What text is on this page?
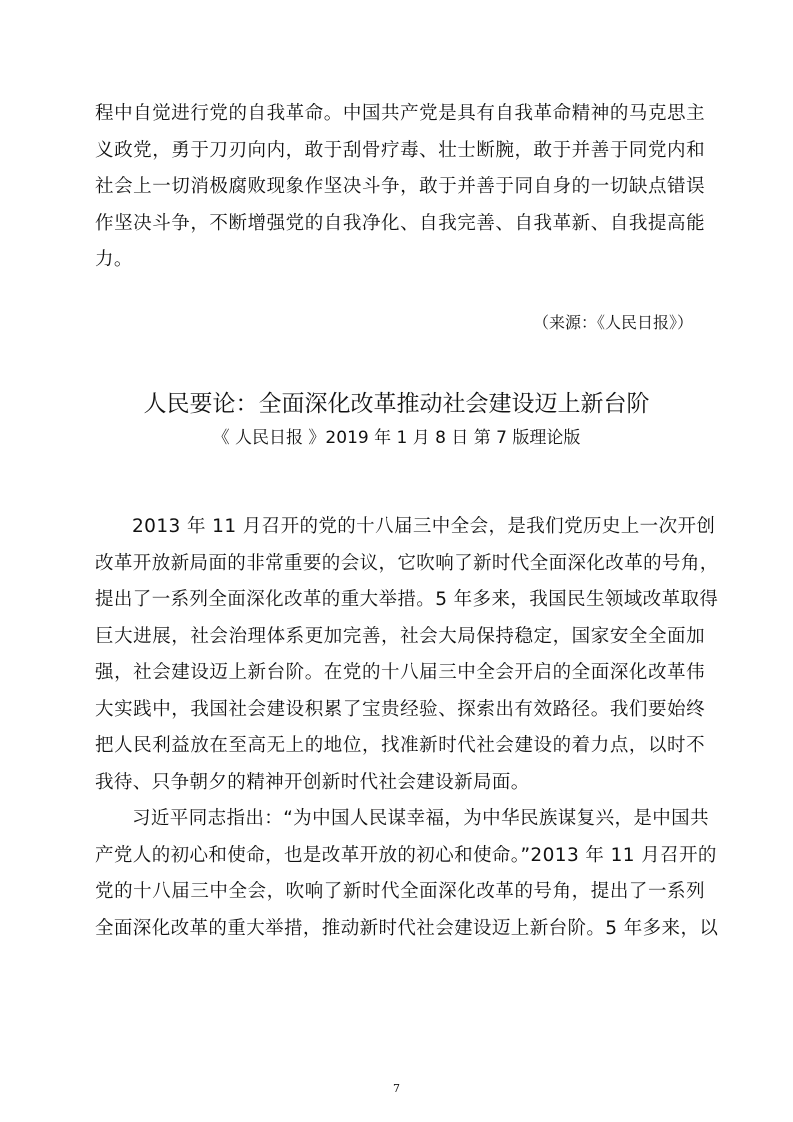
程中自觉进行党的自我革命。中国共产党是具有自我革命精神的马克思主
义政党，勇于刀刃向内，敢于刮骨疗毒、壮士断腕，敢于并善于同党内和
社会上一切消极腐败现象作坚决斗争，敢于并善于同自身的一切缺点错误
作坚决斗争，不断增强党的自我净化、自我完善、自我革新、自我提高能
力。
（来源：《人民日报》）
人民要论：全面深化改革推动社会建设迈上新台阶
《 人民日报 》2019 年 1 月 8 日 第 7 版理论版
2013 年 11 月召开的党的十八届三中全会，是我们党历史上一次开创
改革开放新局面的非常重要的会议，它吹响了新时代全面深化改革的号角，
提出了一系列全面深化改革的重大举措。5 年多来，我国民生领域改革取得
巨大进展，社会治理体系更加完善，社会大局保持稳定，国家安全全面加
强，社会建设迈上新台阶。在党的十八届三中全会开启的全面深化改革伟
大实践中，我国社会建设积累了宝贵经验、探索出有效路径。我们要始终
把人民利益放在至高无上的地位，找准新时代社会建设的着力点，以时不
我待、只争朝夕的精神开创新时代社会建设新局面。
习近平同志指出：“为中国人民谋幸福，为中华民族谋复兴，是中国共
产党人的初心和使命，也是改革开放的初心和使命。”2013 年 11 月召开的
党的十八届三中全会，吹响了新时代全面深化改革的号角，提出了一系列
全面深化改革的重大举措，推动新时代社会建设迈上新台阶。5 年多来，以
7
